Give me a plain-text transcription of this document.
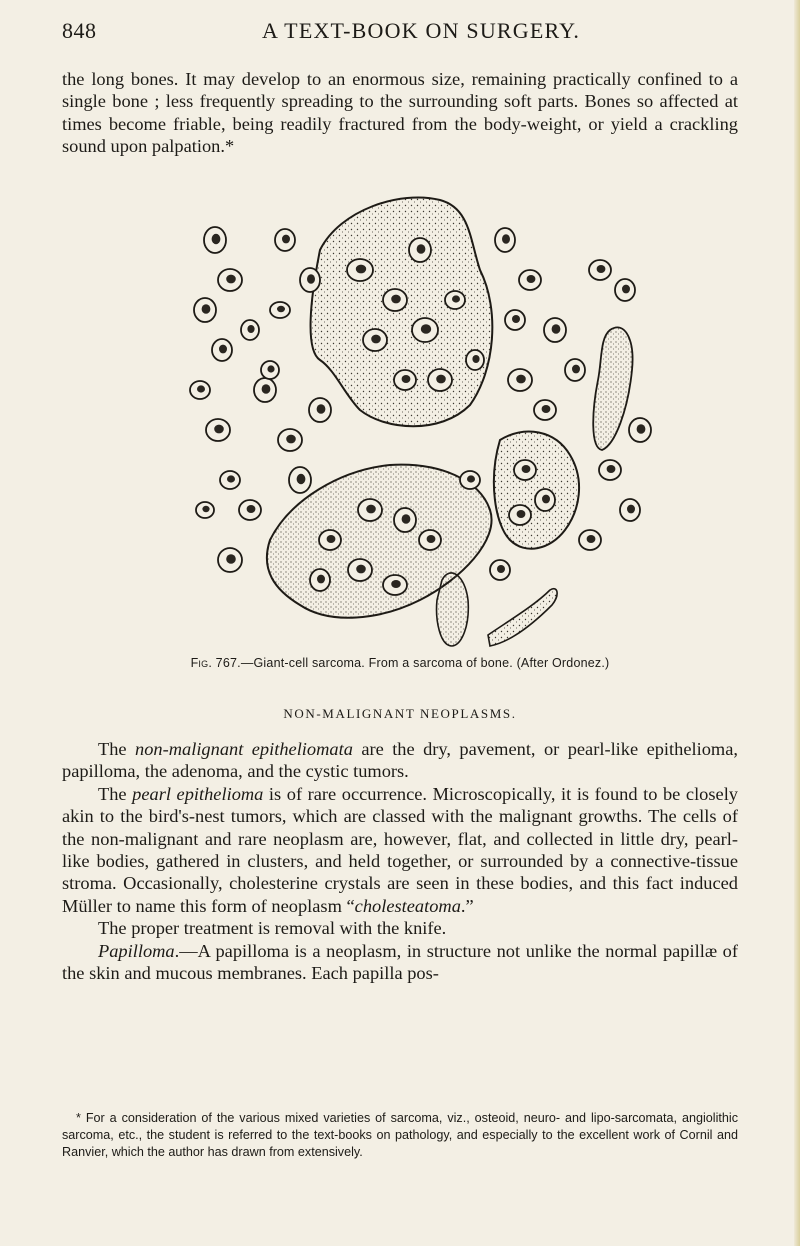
848	A TEXT-BOOK ON SURGERY.

the long bones. It may develop to an enormous size, remaining practically confined to a single bone ; less frequently spreading to the surrounding soft parts. Bones so affected at times become friable, being readily fractured from the body-weight, or yield a crackling sound upon palpation.*

Fig. 767.—Giant-cell sarcoma. From a sarcoma of bone. (After Ordonez.)
NON-MALIGNANT NEOPLASMS.

The non-malignant epitheliomata are the dry, pavement, or pearl-like epithelioma, papilloma, the adenoma, and the cystic tumors.

The pearl epithelioma is of rare occurrence. Microscopically, it is found to be closely akin to the bird's-nest tumors, which are classed with the malignant growths. The cells of the non-malignant and rare neoplasm are, however, flat, and collected in little dry, pearl-like bodies, gathered in clusters, and held together, or surrounded by a connective-tissue stroma. Occasionally, cholesterine crystals are seen in these bodies, and this fact induced Müller to name this form of neoplasm “cholesteatoma.”

The proper treatment is removal with the knife.

Papilloma.—A papilloma is a neoplasm, in structure not unlike the normal papillæ of the skin and mucous membranes. Each papilla pos-

* For a consideration of the various mixed varieties of sarcoma, viz., osteoid, neuro- and lipo-sarcomata, angiolithic sarcoma, etc., the student is referred to the text-books on pathology, and especially to the excellent work of Cornil and Ranvier, which the author has drawn from extensively.
